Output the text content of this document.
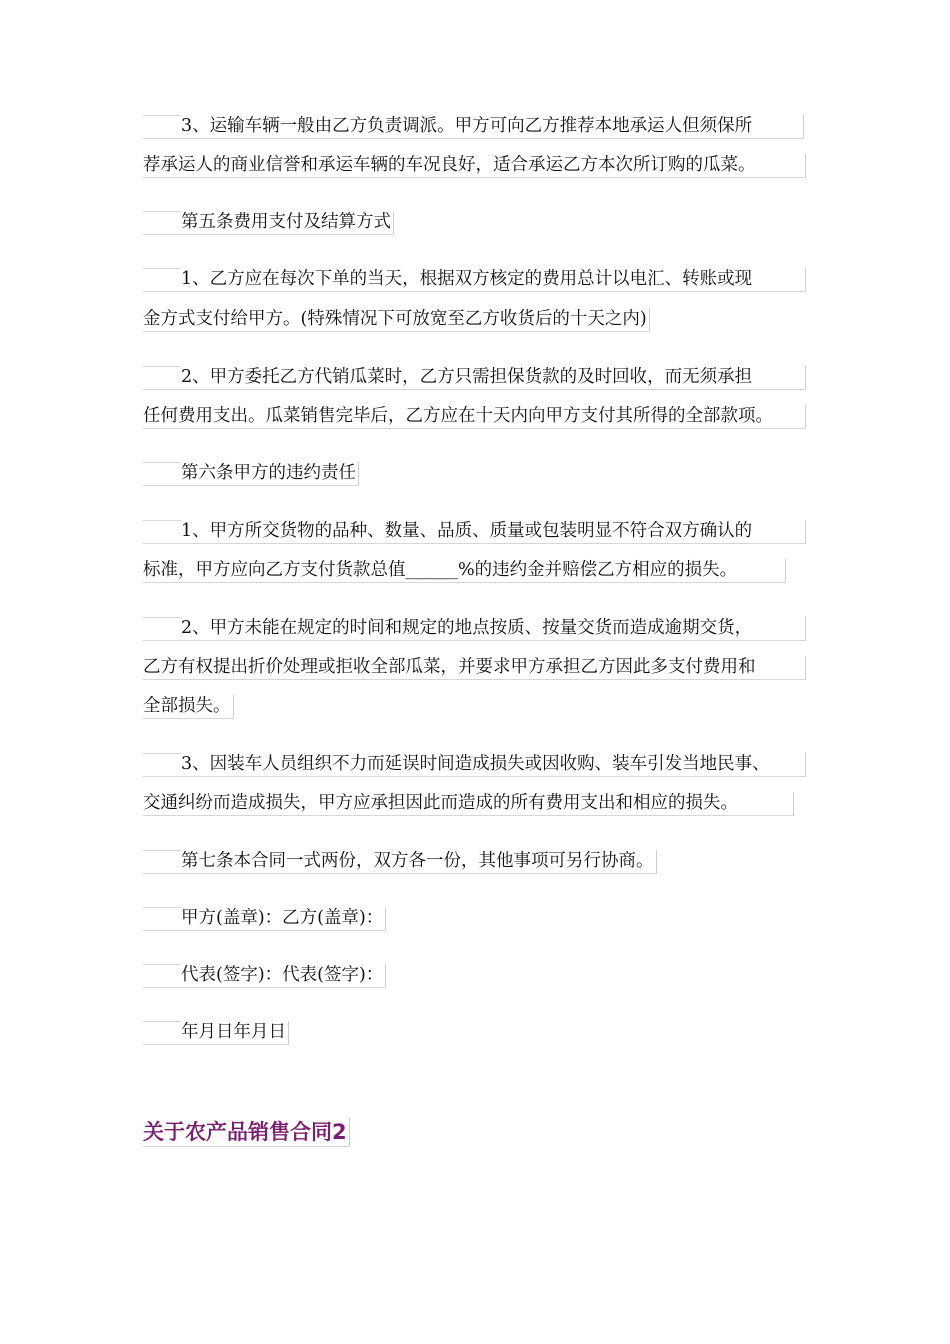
3、运输车辆一般由乙方负责调派。甲方可向乙方推荐本地承运人但须保所
荐承运人的商业信誉和承运车辆的车况良好，适合承运乙方本次所订购的瓜菜。
第五条费用支付及结算方式
1、乙方应在每次下单的当天，根据双方核定的费用总计以电汇、转账或现
金方式支付给甲方。(特殊情况下可放宽至乙方收货后的十天之内)
2、甲方委托乙方代销瓜菜时，乙方只需担保货款的及时回收，而无须承担
任何费用支出。瓜菜销售完毕后，乙方应在十天内向甲方支付其所得的全部款项。
第六条甲方的违约责任
1、甲方所交货物的品种、数量、品质、质量或包装明显不符合双方确认的
标准，甲方应向乙方支付货款总值______%的违约金并赔偿乙方相应的损失。
2、甲方未能在规定的时间和规定的地点按质、按量交货而造成逾期交货，
乙方有权提出折价处理或拒收全部瓜菜，并要求甲方承担乙方因此多支付费用和
全部损失。
3、因装车人员组织不力而延误时间造成损失或因收购、装车引发当地民事、
交通纠纷而造成损失，甲方应承担因此而造成的所有费用支出和相应的损失。
第七条本合同一式两份，双方各一份，其他事项可另行协商。
甲方(盖章)：乙方(盖章)：
代表(签字)：代表(签字)：
年月日年月日
关于农产品销售合同2
